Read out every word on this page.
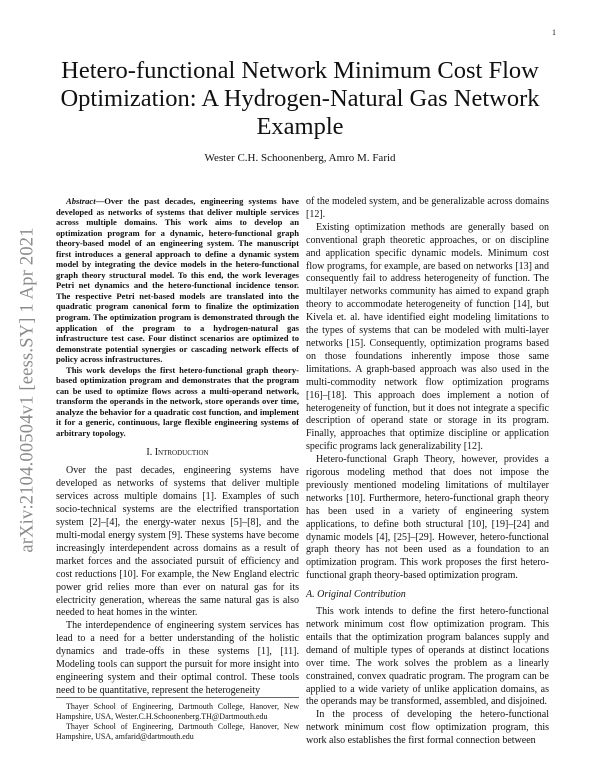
1
arXiv:2104.00504v1 [eess.SY] 1 Apr 2021
Hetero-functional Network Minimum Cost Flow Optimization: A Hydrogen-Natural Gas Network Example
Wester C.H. Schoonenberg, Amro M. Farid

Abstract—Over the past decades, engineering systems have developed as networks of systems that deliver multiple services across multiple domains. This work aims to develop an optimization program for a dynamic, hetero-functional graph theory-based model of an engineering system. The manuscript first introduces a general approach to define a dynamic system model by integrating the device models in the hetero-functional graph theory structural model. To this end, the work leverages Petri net dynamics and the hetero-functional incidence tensor. The respective Petri net-based models are translated into the quadratic program canonical form to finalize the optimization program. The optimization program is demonstrated through the application of the program to a hydrogen-natural gas infrastructure test case. Four distinct scenarios are optimized to demonstrate potential synergies or cascading network effects of policy across infrastructures.

This work develops the first hetero-functional graph theory-based optimization program and demonstrates that the program can be used to optimize flows across a multi-operand network, transform the operands in the network, store operands over time, analyze the behavior for a quadratic cost function, and implement it for a generic, continuous, large flexible engineering systems of arbitrary topology.

I. Introduction

Over the past decades, engineering systems have developed as networks of systems that deliver multiple services across multiple domains [1]. Examples of such socio-technical systems are the electrified transportation system [2]–[4], the energy-water nexus [5]–[8], and the multi-modal energy system [9]. These systems have become increasingly interdependent across domains as a result of market forces and the associated pursuit of efficiency and cost reductions [10]. For example, the New England electric power grid relies more than ever on natural gas for its electricity generation, whereas the same natural gas is also needed to heat homes in the winter.

The interdependence of engineering system services has lead to a need for a better understanding of the holistic dynamics and trade-offs in these systems [1], [11]. Modeling tools can support the pursuit for more insight into engineering system and their optimal control. These tools need to be quantitative, represent the heterogeneity

Thayer School of Engineering, Dartmouth College, Hanover, New Hampshire, USA, Wester.C.H.Schoonenberg.TH@Dartmouth.edu

Thayer School of Engineering, Dartmouth College, Hanover, New Hampshire, USA, amfarid@dartmouth.edu

of the modeled system, and be generalizable across domains [12].

Existing optimization methods are generally based on conventional graph theoretic approaches, or on discipline and application specific dynamic models. Minimum cost flow programs, for example, are based on networks [13] and consequently fail to address heterogeneity of function. The multilayer networks community has aimed to expand graph theory to accommodate heterogeneity of function [14], but Kivela et. al. have identified eight modeling limitations to the types of systems that can be modeled with multi-layer networks [15]. Consequently, optimization programs based on those foundations inherently impose those same limitations. A graph-based approach was also used in the multi-commodity network flow optimization programs [16]–[18]. This approach does implement a notion of heterogeneity of function, but it does not integrate a specific description of operand state or storage in its program. Finally, approaches that optimize discipline or application specific programs lack generalizability [12].

Hetero-functional Graph Theory, however, provides a rigorous modeling method that does not impose the previously mentioned modeling limitations of multilayer networks [10]. Furthermore, hetero-functional graph theory has been used in a variety of engineering system applications, to define both structural [10], [19]–[24] and dynamic models [4], [25]–[29]. However, hetero-functional graph theory has not been used as a foundation to an optimization program. This work proposes the first hetero-functional graph theory-based optimization program.

A. Original Contribution

This work intends to define the first hetero-functional network minimum cost flow optimization program. This entails that the optimization program balances supply and demand of multiple types of operands at distinct locations over time. The work solves the problem as a linearly constrained, convex quadratic program. The program can be applied to a wide variety of unlike application domains, as the operands may be transformed, assembled, and disjoined.

In the process of developing the hetero-functional network minimum cost flow optimization program, this work also establishes the first formal connection between
